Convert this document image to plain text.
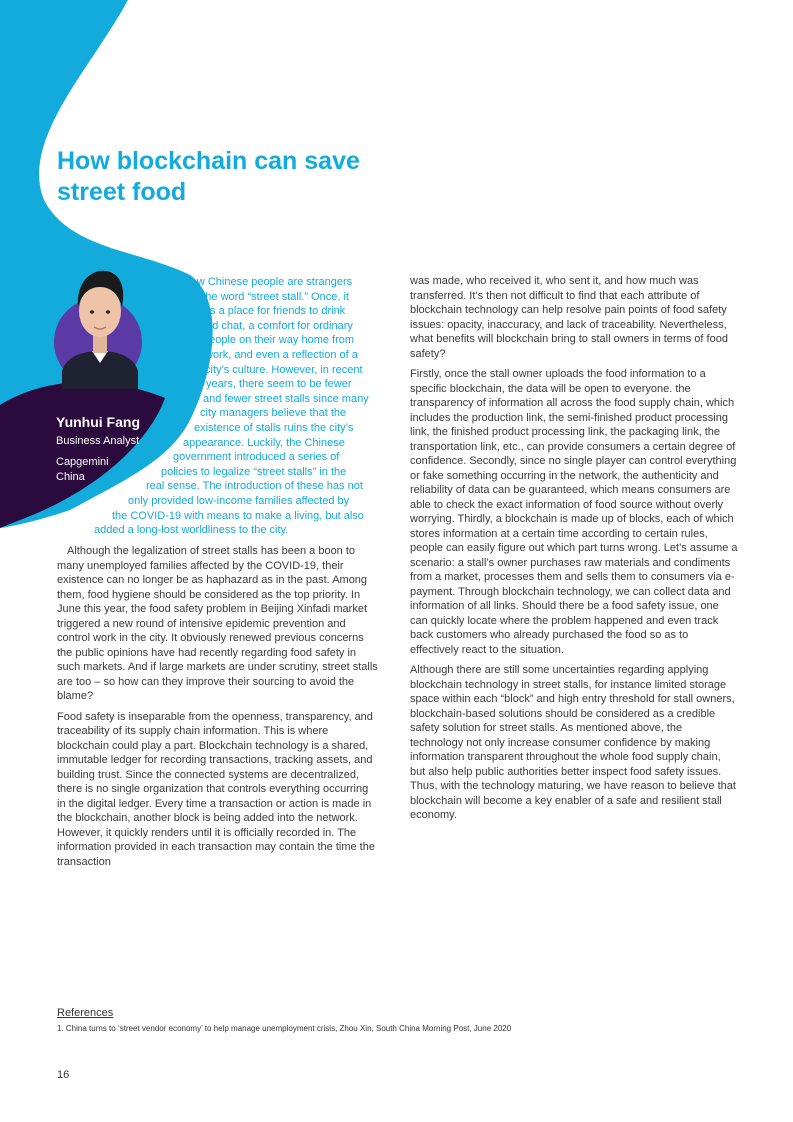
How blockchain can save street food
Yunhui Fang
Business Analyst
Capgemini
China
Few Chinese people are strangers
to the word “street stall.” Once, it
was a place for friends to drink
and chat, a comfort for ordinary
people on their way home from
work, and even a reflection of a
city’s culture. However, in recent
years, there seem to be fewer
and fewer street stalls since many
city managers believe that the
existence of stalls ruins the city’s
appearance. Luckily, the Chinese
government introduced a series of
policies to legalize “street stalls” in the
real sense. The introduction of these has not
only provided low-income families affected by
the COVID-19 with means to make a living, but also
added a long-lost worldliness to the city.

Although the legalization of street stalls has been a boon to many unemployed families affected by the COVID-19, their existence can no longer be as haphazard as in the past. Among them, food hygiene should be considered as the top priority. In June this year, the food safety problem in Beijing Xinfadi market triggered a new round of intensive epidemic prevention and control work in the city. It obviously renewed previous concerns the public opinions have had recently regarding food safety in such markets. And if large markets are under scrutiny, street stalls are too – so how can they improve their sourcing to avoid the blame?

Food safety is inseparable from the openness, transparency, and traceability of its supply chain information. This is where blockchain could play a part. Blockchain technology is a shared, immutable ledger for recording transactions, tracking assets, and building trust. Since the connected systems are decentralized, there is no single organization that controls everything occurring in the digital ledger. Every time a transaction or action is made in the blockchain, another block is being added into the network. However, it quickly renders until it is officially recorded in. The information provided in each transaction may contain the time the transaction

was made, who received it, who sent it, and how much was transferred. It’s then not difficult to find that each attribute of blockchain technology can help resolve pain points of food safety issues: opacity, inaccuracy, and lack of traceability. Nevertheless, what benefits will blockchain bring to stall owners in terms of food safety?

Firstly, once the stall owner uploads the food information to a specific blockchain, the data will be open to everyone. the transparency of information all across the food supply chain, which includes the production link, the semi-finished product processing link, the finished product processing link, the packaging link, the transportation link, etc., can provide consumers a certain degree of confidence. Secondly, since no single player can control everything or fake something occurring in the network, the authenticity and reliability of data can be guaranteed, which means consumers are able to check the exact information of food source without overly worrying. Thirdly, a blockchain is made up of blocks, each of which stores information at a certain time according to certain rules, people can easily figure out which part turns wrong. Let’s assume a scenario: a stall’s owner purchases raw materials and condiments from a market, processes them and sells them to consumers via e-payment. Through blockchain technology, we can collect data and information of all links. Should there be a food safety issue, one can quickly locate where the problem happened and even track back customers who already purchased the food so as to effectively react to the situation.

Although there are still some uncertainties regarding applying blockchain technology in street stalls, for instance limited storage space within each “block” and high entry threshold for stall owners, blockchain-based solutions should be considered as a credible safety solution for street stalls. As mentioned above, the technology not only increase consumer confidence by making information transparent throughout the whole food supply chain, but also help public authorities better inspect food safety issues. Thus, with the technology maturing, we have reason to believe that blockchain will become a key enabler of a safe and resilient stall economy.

References
1. China turns to ‘street vendor economy’ to help manage unemployment crisis, Zhou Xin, South China Morning Post, June 2020
16
